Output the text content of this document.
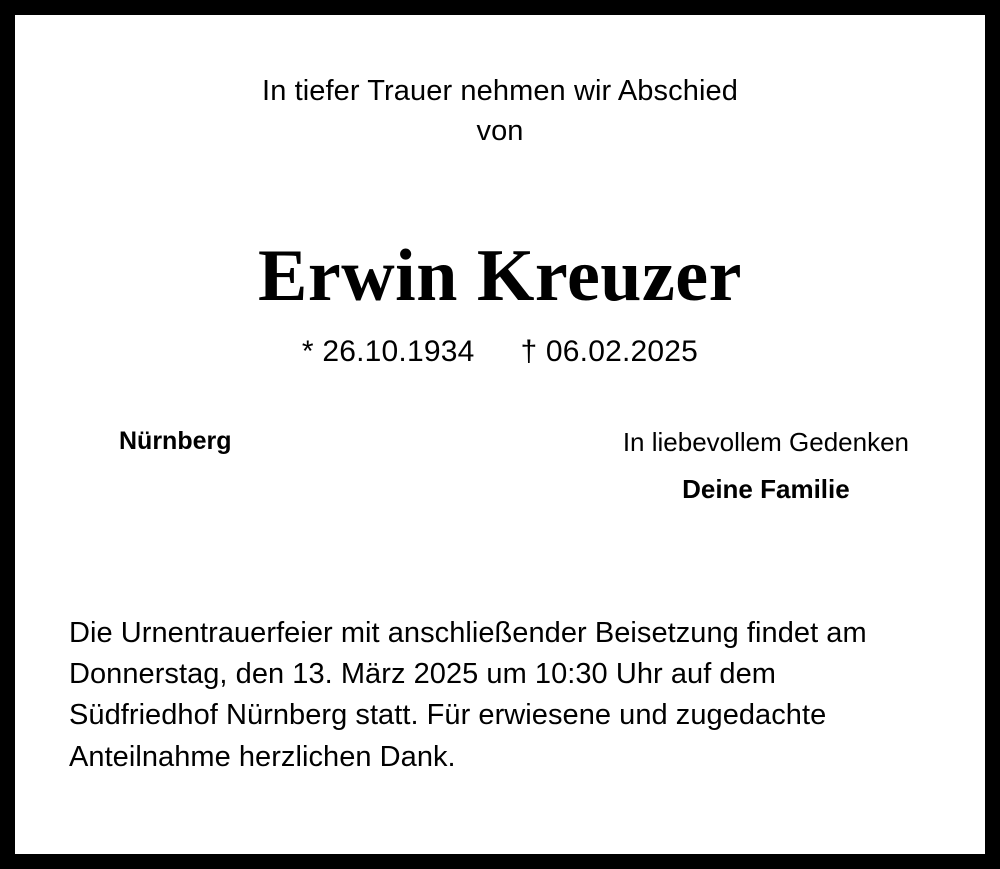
In tiefer Trauer nehmen wir Abschied
von
Erwin Kreuzer
* 26.10.1934 † 06.02.2025
Nürnberg	In liebevollem Gedenken
Deine Familie
Die Urnentrauerfeier mit anschließender Beisetzung findet am Donnerstag, den 13. März 2025 um 10:30 Uhr auf dem Südfriedhof Nürnberg statt. Für erwiesene und zugedachte Anteilnahme herzlichen Dank.
